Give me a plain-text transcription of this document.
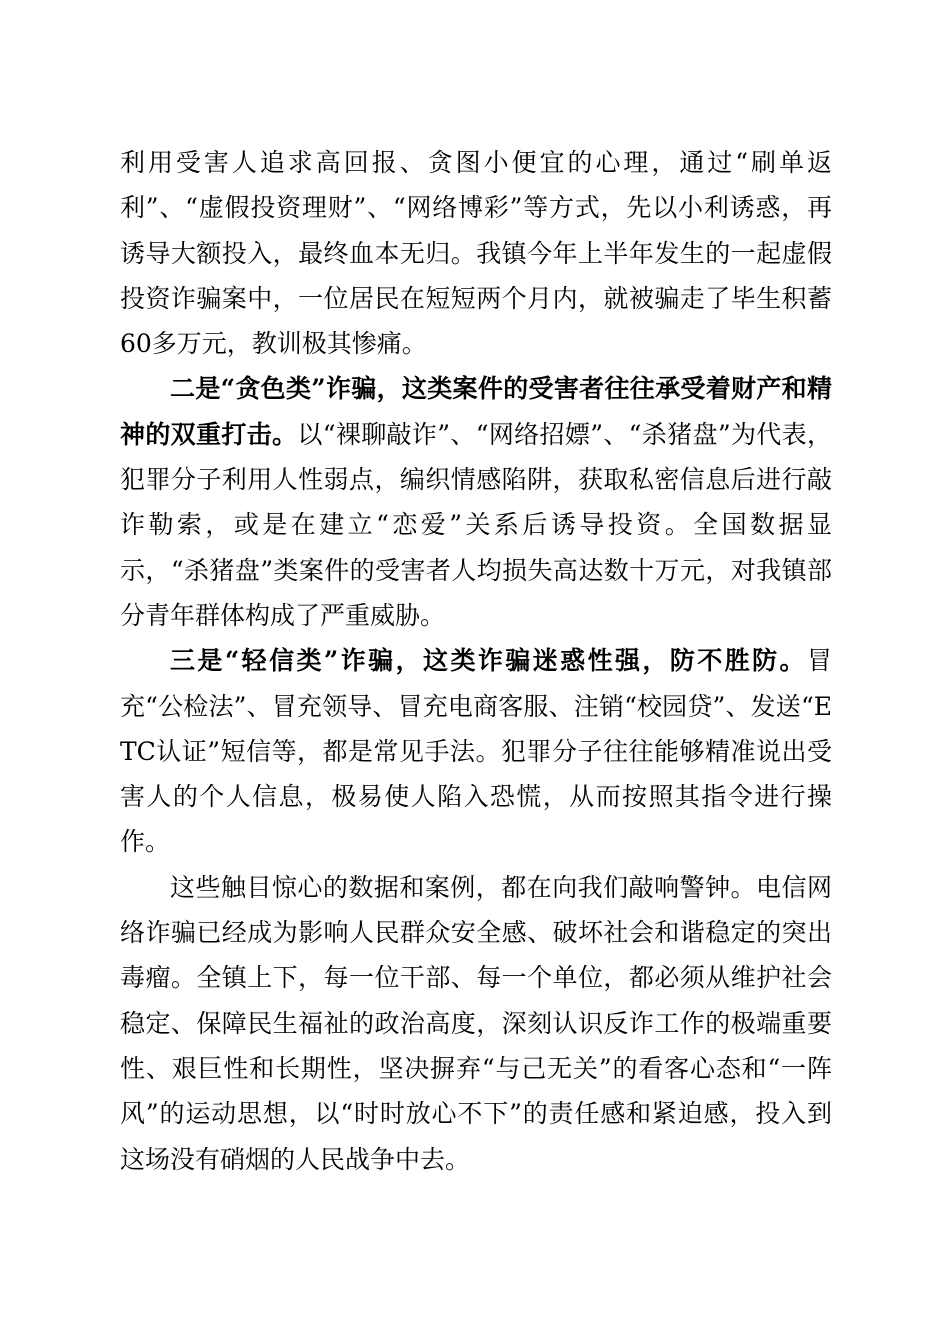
利用受害人追求高回报、贪图小便宜的心理，通过“刷单返利”、“虚假投资理财”、“网络博彩”等方式，先以小利诱惑，再诱导大额投入，最终血本无归。我镇今年上半年发生的一起虚假投资诈骗案中，一位居民在短短两个月内，就被骗走了毕生积蓄60多万元，教训极其惨痛。

二是“贪色类”诈骗，这类案件的受害者往往承受着财产和精神的双重打击。以“裸聊敲诈”、“网络招嫖”、“杀猪盘”为代表，犯罪分子利用人性弱点，编织情感陷阱，获取私密信息后进行敲诈勒索，或是在建立“恋爱”关系后诱导投资。全国数据显示，“杀猪盘”类案件的受害者人均损失高达数十万元，对我镇部分青年群体构成了严重威胁。

三是“轻信类”诈骗，这类诈骗迷惑性强，防不胜防。冒充“公检法”、冒充领导、冒充电商客服、注销“校园贷”、发送“ETC认证”短信等，都是常见手法。犯罪分子往往能够精准说出受害人的个人信息，极易使人陷入恐慌，从而按照其指令进行操作。

这些触目惊心的数据和案例，都在向我们敲响警钟。电信网络诈骗已经成为影响人民群众安全感、破坏社会和谐稳定的突出毒瘤。全镇上下，每一位干部、每一个单位，都必须从维护社会稳定、保障民生福祉的政治高度，深刻认识反诈工作的极端重要性、艰巨性和长期性，坚决摒弃“与己无关”的看客心态和“一阵风”的运动思想，以“时时放心不下”的责任感和紧迫感，投入到这场没有硝烟的人民战争中去。
